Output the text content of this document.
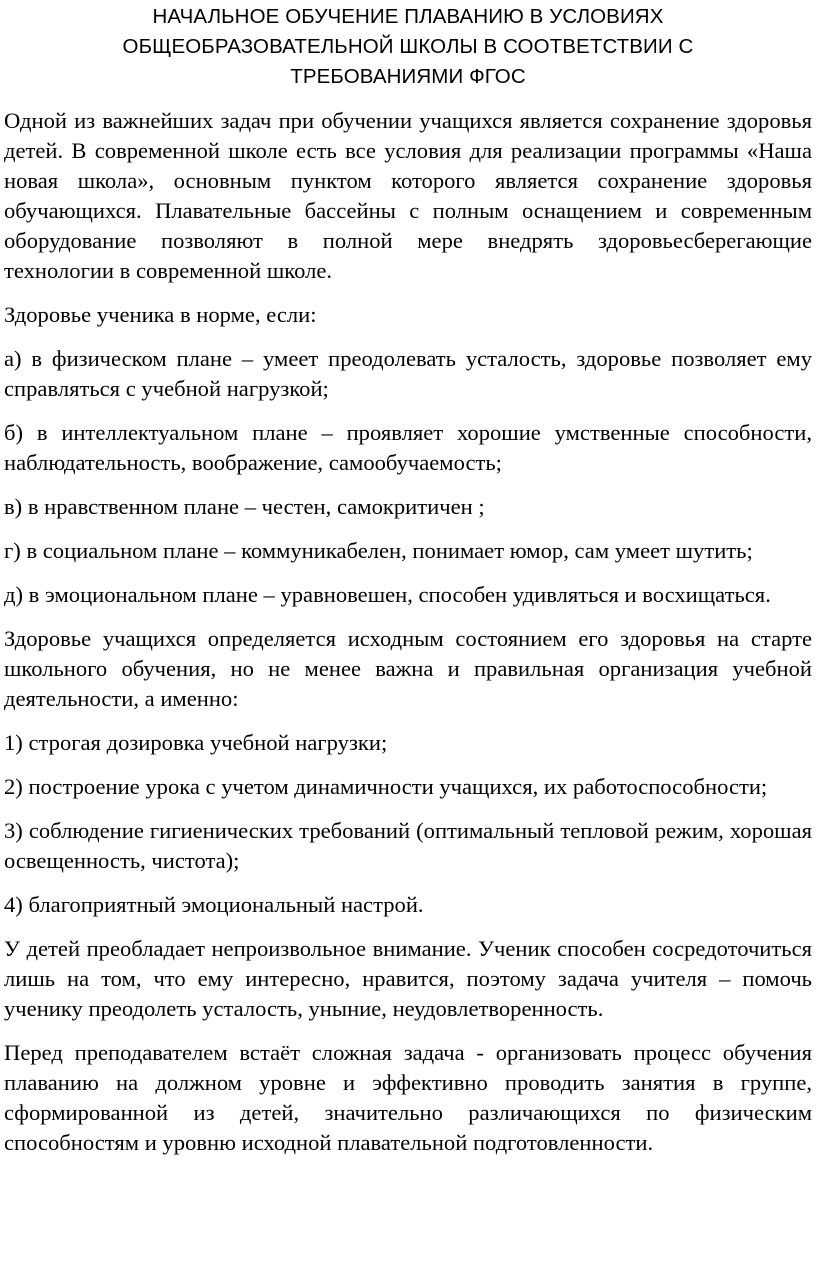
НАЧАЛЬНОЕ ОБУЧЕНИЕ ПЛАВАНИЮ В УСЛОВИЯХ
ОБЩЕОБРАЗОВАТЕЛЬНОЙ ШКОЛЫ В СООТВЕТСТВИИ С
ТРЕБОВАНИЯМИ ФГОС

Одной из важнейших задач при обучении учащихся является сохранение здоровья детей. В современной школе есть все условия для реализации программы «Наша новая школа», основным пунктом которого является сохранение здоровья обучающихся. Плавательные бассейны с полным оснащением и современным оборудование позволяют в полной мере внедрять здоровьесберегающие технологии в современной школе.

Здоровье ученика в норме, если:

а) в физическом плане – умеет преодолевать усталость, здоровье позволяет ему справляться с учебной нагрузкой;

б) в интеллектуальном плане – проявляет хорошие умственные способности, наблюдательность, воображение, самообучаемость;

в) в нравственном плане – честен, самокритичен ;

г) в социальном плане – коммуникабелен, понимает юмор, сам умеет шутить;

д) в эмоциональном плане – уравновешен, способен удивляться и восхищаться.

Здоровье учащихся определяется исходным состоянием его здоровья на старте школьного обучения, но не менее важна и правильная организация учебной деятельности, а именно:

1) строгая дозировка учебной нагрузки;

2) построение урока с учетом динамичности учащихся, их работоспособности;

3) соблюдение гигиенических требований (оптимальный тепловой режим, хорошая освещенность, чистота);

4) благоприятный эмоциональный настрой.

У детей преобладает непроизвольное внимание. Ученик способен сосредоточиться лишь на том, что ему интересно, нравится, поэтому задача учителя – помочь ученику преодолеть усталость, уныние, неудовлетворенность.

Перед преподавателем встаёт сложная задача - организовать процесс обучения плаванию на должном уровне и эффективно проводить занятия в группе, сформированной из детей, значительно различающихся по физическим способностям и уровню исходной плавательной подготовленности.
